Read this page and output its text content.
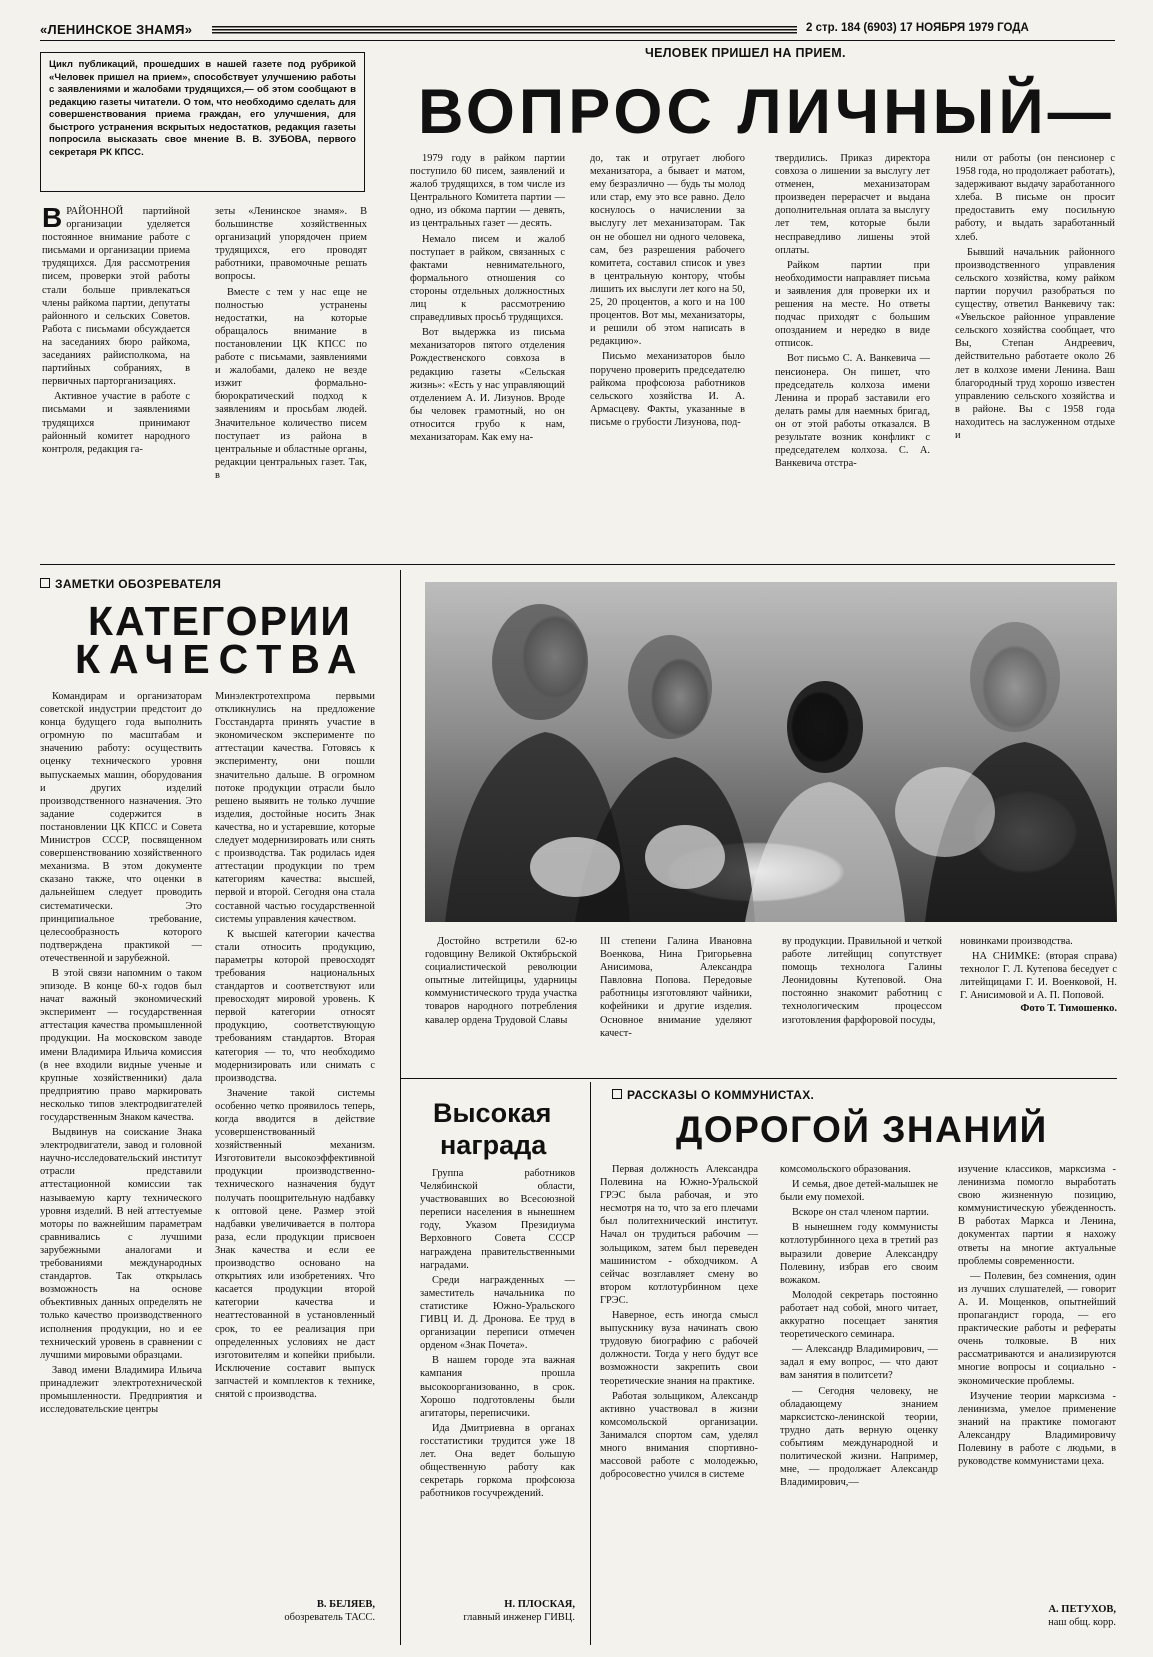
«ЛЕНИНСКОЕ ЗНАМЯ»	2 стр. 184 (6903) 17 НОЯБРЯ 1979 ГОДА
ЧЕЛОВЕК ПРИШЕЛ НА ПРИЕМ.
Цикл публикаций, прошедших в нашей газете под рубрикой «Человек пришел на прием», способствует улучшению работы с заявлениями и жалобами трудящихся,— об этом сообщают в редакцию газеты читатели. О том, что необходимо сделать для совершенствования приема граждан, его улучшения, для быстрого устранения вскрытых недостатков, редакция газеты попросила высказать свое мнение В. В. ЗУБОВА, первого секретаря РК КПСС.
ВОПРОС ЛИЧНЫЙ—
В РАЙОННОЙ партийной организации уделяется постоянное внимание работе с письмами и организации приема трудящихся. Для рассмотрения писем, проверки этой работы стали больше привлекаться члены райкома партии, депутаты районного и сельских Советов. Работа с письмами обсуждается на заседаниях бюро райкома, заседаниях райисполкома, на партийных собраниях, в первичных парторганизациях.

Активное участие в работе с письмами и заявлениями трудящихся принимают районный комитет народного контроля, редакция га-

зеты «Ленинское знамя». В большинстве хозяйственных организаций упорядочен прием трудящихся, его проводят работники, правомочные решать вопросы.

Вместе с тем у нас еще не полностью устранены недостатки, на которые обращалось внимание в постановлении ЦК КПСС по работе с письмами, заявлениями и жалобами, далеко не везде изжит формально-бюрократический подход к заявлениям и просьбам людей. Значительное количество писем поступает из района в центральные и областные органы, редакции центральных газет. Так, в

1979 году в райком партии поступило 60 писем, заявлений и жалоб трудящихся, в том числе из Центрального Комитета партии — одно, из обкома партии — девять, из центральных газет — десять.

Немало писем и жалоб поступает в райком, связанных с фактами невнимательного, формального отношения со стороны отдельных должностных лиц к рассмотрению справедливых просьб трудящихся.

Вот выдержка из письма механизаторов пятого отделения Рождественского совхоза в редакцию газеты «Сельская жизнь»: «Есть у нас управляющий отделением А. И. Лизунов. Вроде бы человек грамотный, но он относится грубо к нам, механизаторам. Как ему на-

до, так и отругает любого механизатора, а бывает и матом, ему безразлично — будь ты молод или стар, ему это все равно. Дело коснулось о начислении за выслугу лет механизаторам. Так он не обошел ни одного человека, сам, без разрешения рабочего комитета, составил список и увез в центральную контору, чтобы лишить их выслуги лет кого на 50, 25, 20 процентов, а кого и на 100 процентов. Вот мы, механизаторы, и решили об этом написать в редакцию».

Письмо механизаторов было поручено проверить председателю райкома профсоюза работников сельского хозяйства И. А. Армасцеву. Факты, указанные в письме о грубости Лизунова, под-

твердились. Приказ директора совхоза о лишении за выслугу лет отменен, механизаторам произведен перерасчет и выдана дополнительная оплата за выслугу лет тем, которые были несправедливо лишены этой оплаты.

Райком партии при необходимости направляет письма и заявления для проверки их и решения на месте. Но ответы подчас приходят с большим опозданием и нередко в виде отписок.

Вот письмо С. А. Ванкевича — пенсионера. Он пишет, что председатель колхоза имени Ленина и прораб заставили его делать рамы для наемных бригад, он от этой работы отказался. В результате возник конфликт с председателем колхоза. С. А. Ванкевича отстра-

нили от работы (он пенсионер с 1958 года, но продолжает работать), задерживают выдачу заработанного хлеба. В письме он просит предоставить ему посильную работу, и выдать заработанный хлеб.

Бывший начальник районного производственного управления сельского хозяйства, кому райком партии поручил разобраться по существу, ответил Ванкевичу так: «Увельское районное управление сельского хозяйства сообщает, что Вы, Степан Андреевич, действительно работаете около 26 лет в колхозе имени Ленина. Ваш благородный труд хорошо известен управлению сельского хозяйства и в районе. Вы с 1958 года находитесь на заслуженном отдыхе и

ЗАМЕТКИ ОБОЗРЕВАТЕЛЯ
КАТЕГОРИИ
КАЧЕСТВА

Командирам и организаторам советской индустрии предстоит до конца будущего года выполнить огромную по масштабам и значению работу: осуществить оценку технического уровня выпускаемых машин, оборудования и других изделий производственного назначения. Это задание содержится в постановлении ЦК КПСС и Совета Министров СССР, посвященном совершенствованию хозяйственного механизма. В этом документе сказано также, что оценки в дальнейшем следует проводить систематически. Это принципиальное требование, целесообразность которого подтверждена практикой — отечественной и зарубежной.

В этой связи напомним о таком эпизоде. В конце 60-х годов был начат важный экономический эксперимент — государственная аттестация качества промышленной продукции. На московском заводе имени Владимира Ильича комиссия (в нее входили видные ученые и крупные хозяйственники) дала предприятию право маркировать несколько типов электродвигателей государственным Знаком качества.

Выдвинув на соискание Знака электродвигатели, завод и головной научно-исследовательский институт отрасли представили аттестационной комиссии так называемую карту технического уровня изделий. В ней аттестуемые моторы по важнейшим параметрам сравнивались с лучшими зарубежными аналогами и требованиями международных стандартов. Так открылась возможность на основе объективных данных определять не только качество производственного исполнения продукции, но и ее технический уровень в сравнении с лучшими мировыми образцами.

Завод имени Владимира Ильича принадлежит электротехнической промышленности. Предприятия и исследовательские центры

Минэлектротехпрома первыми откликнулись на предложение Госстандарта принять участие в экономическом эксперименте по аттестации качества. Готовясь к эксперименту, они пошли значительно дальше. В огромном потоке продукции отрасли было решено выявить не только лучшие изделия, достойные носить Знак качества, но и устаревшие, которые следует модернизировать или снять с производства. Так родилась идея аттестации продукции по трем категориям качества: высшей, первой и второй. Сегодня она стала составной частью государственной системы управления качеством.

К высшей категории качества стали относить продукцию, параметры которой превосходят требования национальных стандартов и соответствуют или превосходят мировой уровень. К первой категории относят продукцию, соответствующую требованиям стандартов. Вторая категория — то, что необходимо модернизировать или снимать с производства.

Значение такой системы особенно четко проявилось теперь, когда вводится в действие усовершенствованный хозяйственный механизм. Изготовители высокоэффективной продукции производственно-технического назначения будут получать поощрительную надбавку к оптовой цене. Размер этой надбавки увеличивается в полтора раза, если продукции присвоен Знак качества и если ее производство основано на открытиях или изобретениях. Что касается продукции второй категории качества и неаттестованной в установленный срок, то ее реализация при определенных условиях не даст изготовителям и копейки прибыли. Исключение составит выпуск запчастей и комплектов к технике, снятой с производства.

В. БЕЛЯЕВ,
обозреватель ТАСС.

Достойно встретили 62-ю годовщину Великой Октябрьской социалистической революции опытные литейщицы, ударницы коммунистического труда участка товаров народного потребления кавалер ордена Трудовой Славы

III степени Галина Ивановна Военкова, Нина Григорьевна Анисимова, Александра Павловна Попова. Передовые работницы изготовляют чайники, кофейники и другие изделия. Основное внимание уделяют качест-

ву продукции. Правильной и четкой работе литейщиц сопутствует помощь технолога Галины Леонидовны Кутеповой. Она постоянно знакомит работниц с технологическим процессом изготовления фарфоровой посуды,

новинками производства.

НА СНИМКЕ: (вторая справа) технолог Г. Л. Кутепова беседует с литейщицами Г. И. Военковой, Н. Г. Анисимовой и А. П. Поповой.

Фото Т. Тимошенко.
Высокая
награда

Группа работников Челябинской области, участвовавших во Всесоюзной переписи населения в нынешнем году, Указом Президиума Верховного Совета СССР награждена правительственными наградами.

Среди награжденных — заместитель начальника по статистике Южно-Уральского ГИВЦ И. Д. Дронова. Ее труд в организации переписи отмечен орденом «Знак Почета».

В нашем городе эта важная кампания прошла высокоорганизованно, в срок. Хорошо подготовлены были агитаторы, переписчики.

Ида Дмитриевна в органах госстатистики трудится уже 18 лет. Она ведет большую общественную работу как секретарь горкома профсоюза работников госучреждений.

Н. ПЛОСКАЯ,
главный инженер ГИВЦ.
РАССКАЗЫ О КОММУНИСТАХ.
ДОРОГОЙ ЗНАНИЙ

Первая должность Александра Полевина на Южно-Уральской ГРЭС была рабочая, и это несмотря на то, что за его плечами был политехнический институт. Начал он трудиться рабочим — зольщиком, затем был переведен машинистом - обходчиком. А сейчас возглавляет смену во втором котлотурбинном цехе ГРЭС.

Наверное, есть иногда смысл выпускнику вуза начинать свою трудовую биографию с рабочей должности. Тогда у него будут все возможности закрепить свои теоретические знания на практике.

Работая зольщиком, Александр активно участвовал в жизни комсомольской организации. Занимался спортом сам, уделял много внимания спортивно-массовой работе с молодежью, добросовестно учился в системе

комсомольского образования.

И семья, двое детей-малышек не были ему помехой.

Вскоре он стал членом партии.

В нынешнем году коммунисты котлотурбинного цеха в третий раз выразили доверие Александру Полевину, избрав его своим вожаком.

Молодой секретарь постоянно работает над собой, много читает, аккуратно посещает занятия теоретического семинара.

— Александр Владимирович, — задал я ему вопрос, — что дают вам занятия в политсети?

— Сегодня человеку, не обладающему знанием марксистско-ленинской теории, трудно дать верную оценку событиям международной и политической жизни. Например, мне, — продолжает Александр Владимирович,—

изучение классиков, марксизма - ленинизма помогло выработать свою жизненную позицию, коммунистическую убежденность. В работах Маркса и Ленина, документах партии я нахожу ответы на многие актуальные проблемы современности.

— Полевин, без сомнения, один из лучших слушателей, — говорит А. И. Мощенков, опытнейший пропагандист города, — его практические работы и рефераты очень толковые. В них рассматриваются и анализируются многие вопросы и социально - экономические проблемы.

Изучение теории марксизма - ленинизма, умелое применение знаний на практике помогают Александру Владимировичу Полевину в работе с людьми, в руководстве коммунистами цеха.

А. ПЕТУХОВ,
наш общ. корр.
